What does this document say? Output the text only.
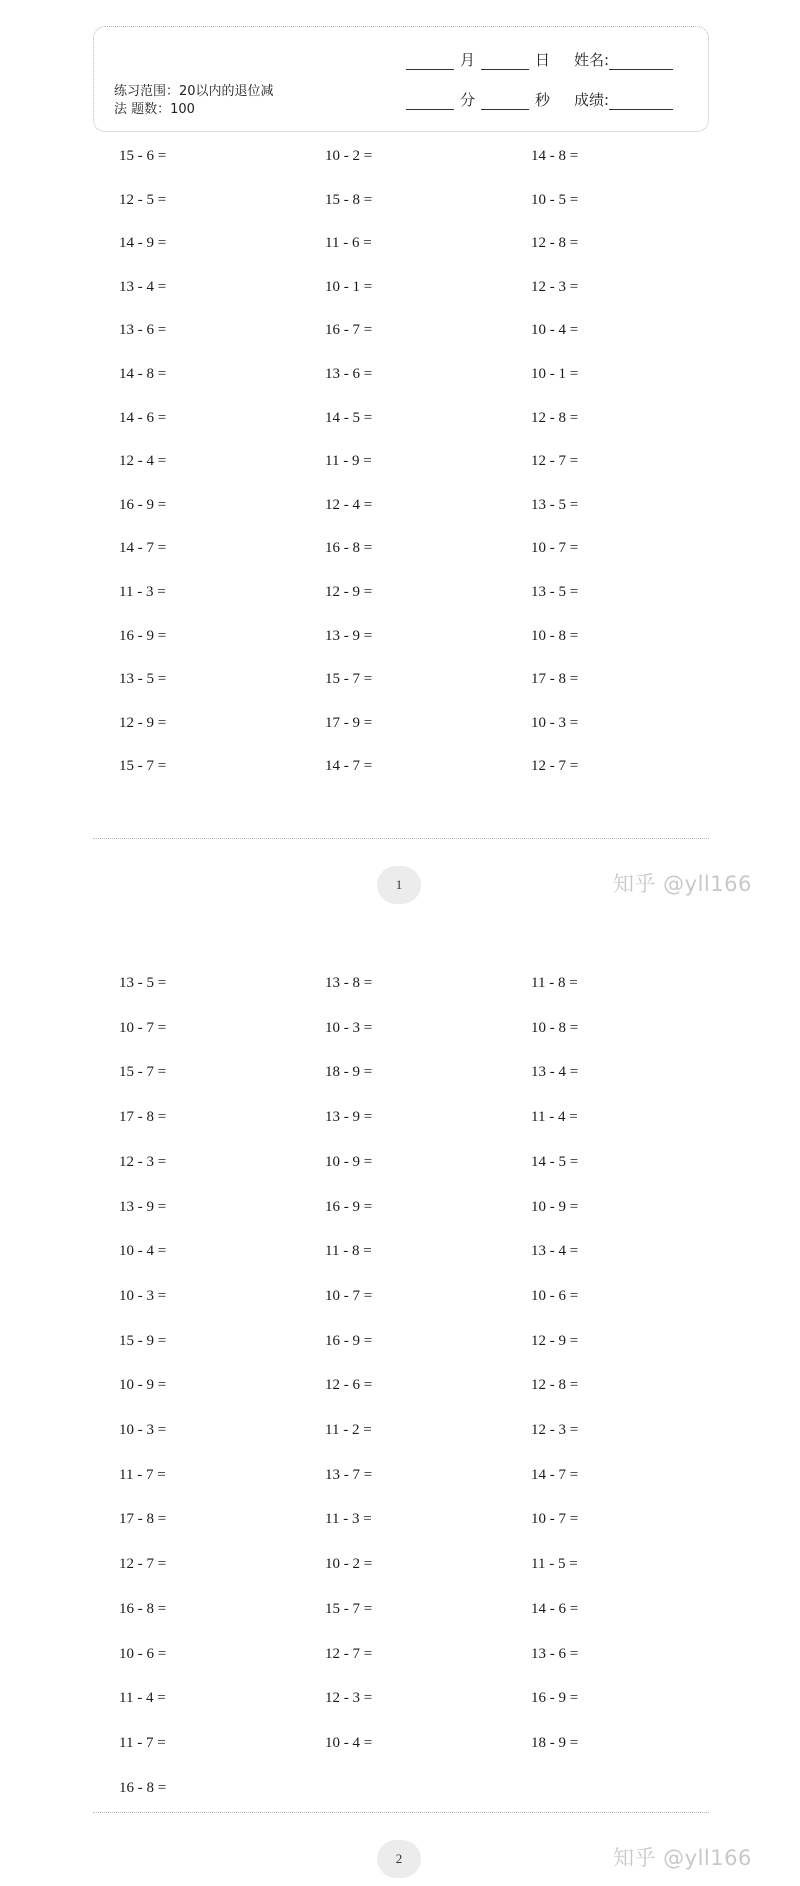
练习范围：20以内的退位减
法 题数：100
月	日 姓名:
分	秒 成绩:
15 - 6 =	10 - 2 =	14 - 8 =
12 - 5 =	15 - 8 =	10 - 5 =
14 - 9 =	11 - 6 =	12 - 8 =
13 - 4 =	10 - 1 =	12 - 3 =
13 - 6 =	16 - 7 =	10 - 4 =
14 - 8 =	13 - 6 =	10 - 1 =
14 - 6 =	14 - 5 =	12 - 8 =
12 - 4 =	11 - 9 =	12 - 7 =
16 - 9 =	12 - 4 =	13 - 5 =
14 - 7 =	16 - 8 =	10 - 7 =
11 - 3 =	12 - 9 =	13 - 5 =
16 - 9 =	13 - 9 =	10 - 8 =
13 - 5 =	15 - 7 =	17 - 8 =
12 - 9 =	17 - 9 =	10 - 3 =
15 - 7 =	14 - 7 =	12 - 7 =
1	知乎 @yll166
13 - 5 =	13 - 8 =	11 - 8 =
10 - 7 =	10 - 3 =	10 - 8 =
15 - 7 =	18 - 9 =	13 - 4 =
17 - 8 =	13 - 9 =	11 - 4 =
12 - 3 =	10 - 9 =	14 - 5 =
13 - 9 =	16 - 9 =	10 - 9 =
10 - 4 =	11 - 8 =	13 - 4 =
10 - 3 =	10 - 7 =	10 - 6 =
15 - 9 =	16 - 9 =	12 - 9 =
10 - 9 =	12 - 6 =	12 - 8 =
10 - 3 =	11 - 2 =	12 - 3 =
11 - 7 =	13 - 7 =	14 - 7 =
17 - 8 =	11 - 3 =	10 - 7 =
12 - 7 =	10 - 2 =	11 - 5 =
16 - 8 =	15 - 7 =	14 - 6 =
10 - 6 =	12 - 7 =	13 - 6 =
11 - 4 =	12 - 3 =	16 - 9 =
11 - 7 =	10 - 4 =	18 - 9 =
16 - 8 =
2	知乎 @yll166
